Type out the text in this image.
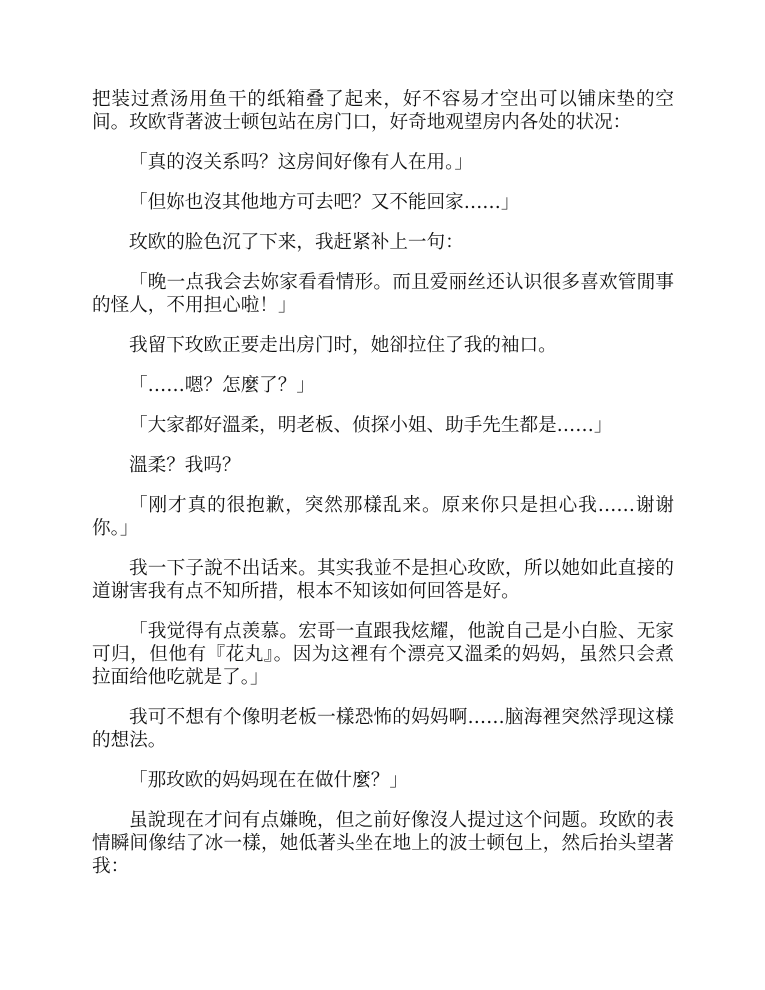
把装过煮汤用鱼干的纸箱叠了起来，好不容易才空出可以铺床垫的空间。玫欧背著波士顿包站在房门口，好奇地观望房内各处的状况：

「真的沒关系吗？这房间好像有人在用。」

「但妳也沒其他地方可去吧？又不能回家……」

玫欧的脸色沉了下来，我赶紧补上一句：

「晚一点我会去妳家看看情形。而且爱丽丝还认识很多喜欢管閒事的怪人，不用担心啦！」

我留下玫欧正要走出房门时，她卻拉住了我的袖口。

「……嗯？怎麼了？」

「大家都好溫柔，明老板、侦探小姐、助手先生都是……」

溫柔？我吗？

「刚才真的很抱歉，突然那樣乱来。原来你只是担心我……谢谢你。」

我一下子說不出话来。其实我並不是担心玫欧，所以她如此直接的道谢害我有点不知所措，根本不知该如何回答是好。

「我觉得有点羡慕。宏哥一直跟我炫耀，他說自己是小白脸、无家可归，但他有『花丸』。因为这裡有个漂亮又溫柔的妈妈，虽然只会煮拉面给他吃就是了。」

我可不想有个像明老板一樣恐怖的妈妈啊……脑海裡突然浮现这樣的想法。

「那玫欧的妈妈现在在做什麼？」

虽說现在才问有点嫌晚，但之前好像沒人提过这个问题。玫欧的表情瞬间像结了冰一樣，她低著头坐在地上的波士顿包上，然后抬头望著我：
